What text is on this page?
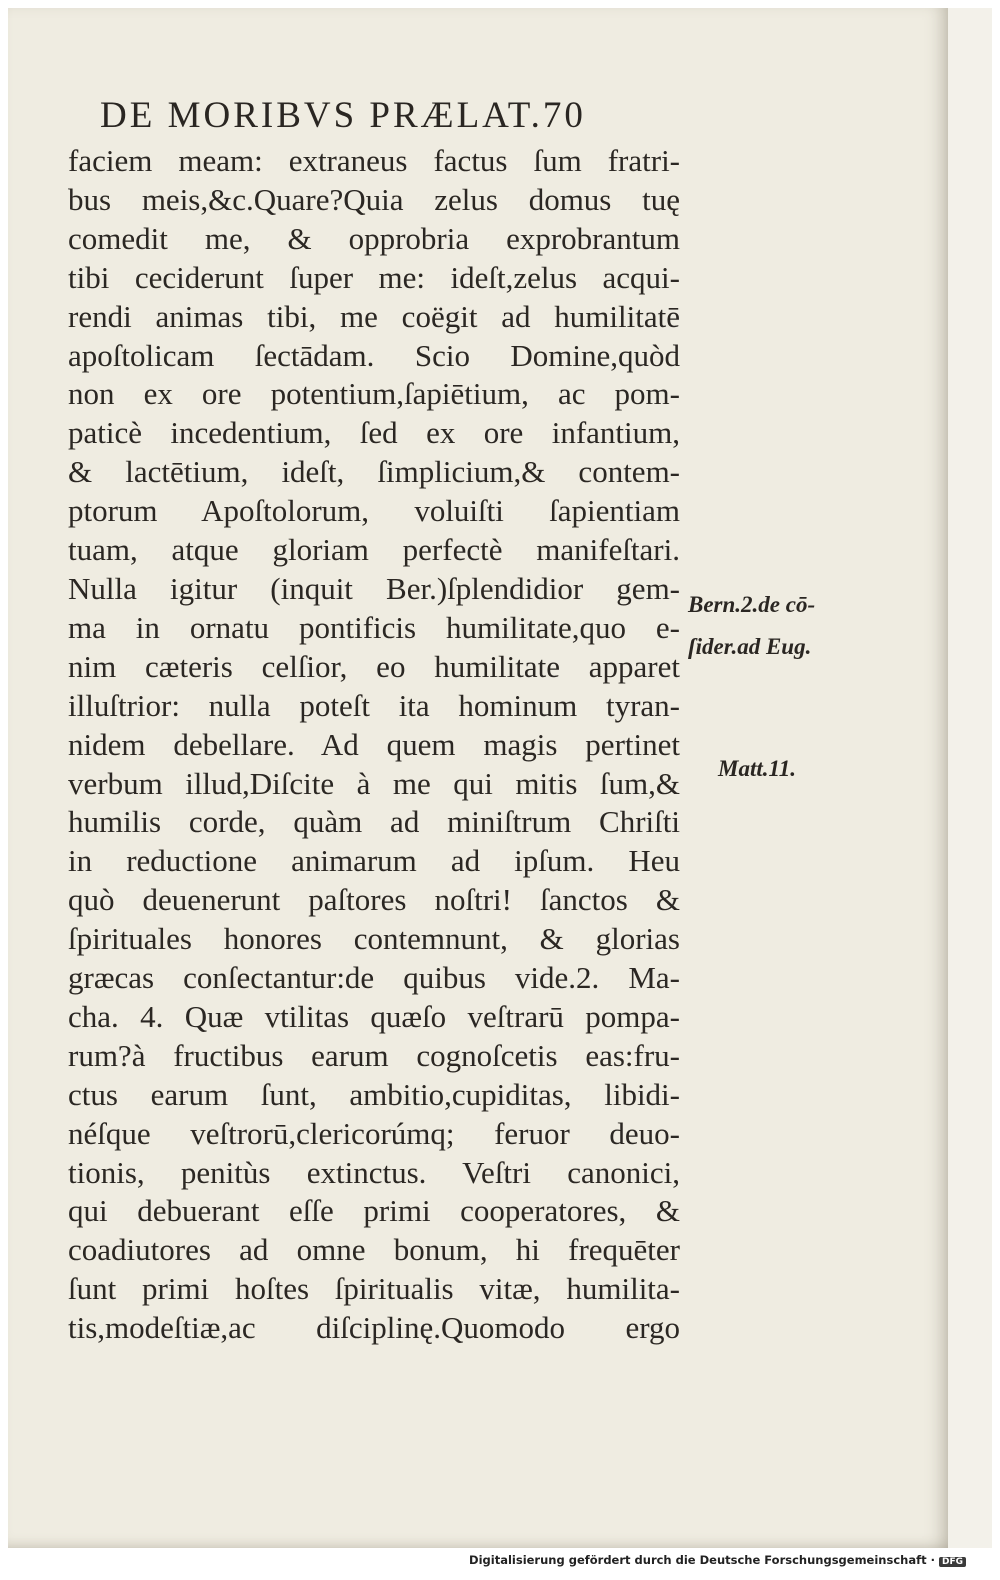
DE MORIBVS PRÆLAT.70
faciem meam: extraneus factus ſum fratri-
bus meis,&c.Quare?Quia zelus domus tuę
comedit me, & opprobria exprobrantum
tibi ceciderunt ſuper me: ideſt,zelus acqui-
rendi animas tibi, me coëgit ad humilitatē
apoſtolicam ſectādam. Scio Domine,quòd
non ex ore potentium,ſapiētium, ac pom-
paticè incedentium, ſed ex ore infantium,
& lactētium, ideſt, ſimplicium,& contem-
ptorum Apoſtolorum, voluiſti ſapientiam
tuam, atque gloriam perfectè manifeſtari.
Nulla igitur (inquit Ber.)ſplendidior gem-
ma in ornatu pontificis humilitate,quo e-
nim cæteris celſior, eo humilitate apparet
illuſtrior: nulla poteſt ita hominum tyran-
nidem debellare. Ad quem magis pertinet
verbum illud,Diſcite à me qui mitis ſum,&
humilis corde, quàm ad miniſtrum Chriſti
in reductione animarum ad ipſum. Heu
quò deuenerunt paſtores noſtri! ſanctos &
ſpirituales honores contemnunt, & glorias
græcas conſectantur:de quibus vide.2. Ma-
cha. 4. Quæ vtilitas quæſo veſtrarū pompa-
rum?à fructibus earum cognoſcetis eas:fru-
ctus earum ſunt, ambitio,cupiditas, libidi-
néſque veſtrorū,clericorúmq; feruor deuo-
tionis, penitùs extinctus. Veſtri canonici,
qui debuerant eſſe primi cooperatores, &
coadiutores ad omne bonum, hi frequēter
ſunt primi hoſtes ſpiritualis vitæ, humilita-
tis,modeſtiæ,ac diſciplinę.Quomodo ergo
Bern.2.de cō-
ſider.ad Eug.
Matt.11.
Digitalisierung gefördert durch die Deutsche Forschungsgemeinschaft · DFG
